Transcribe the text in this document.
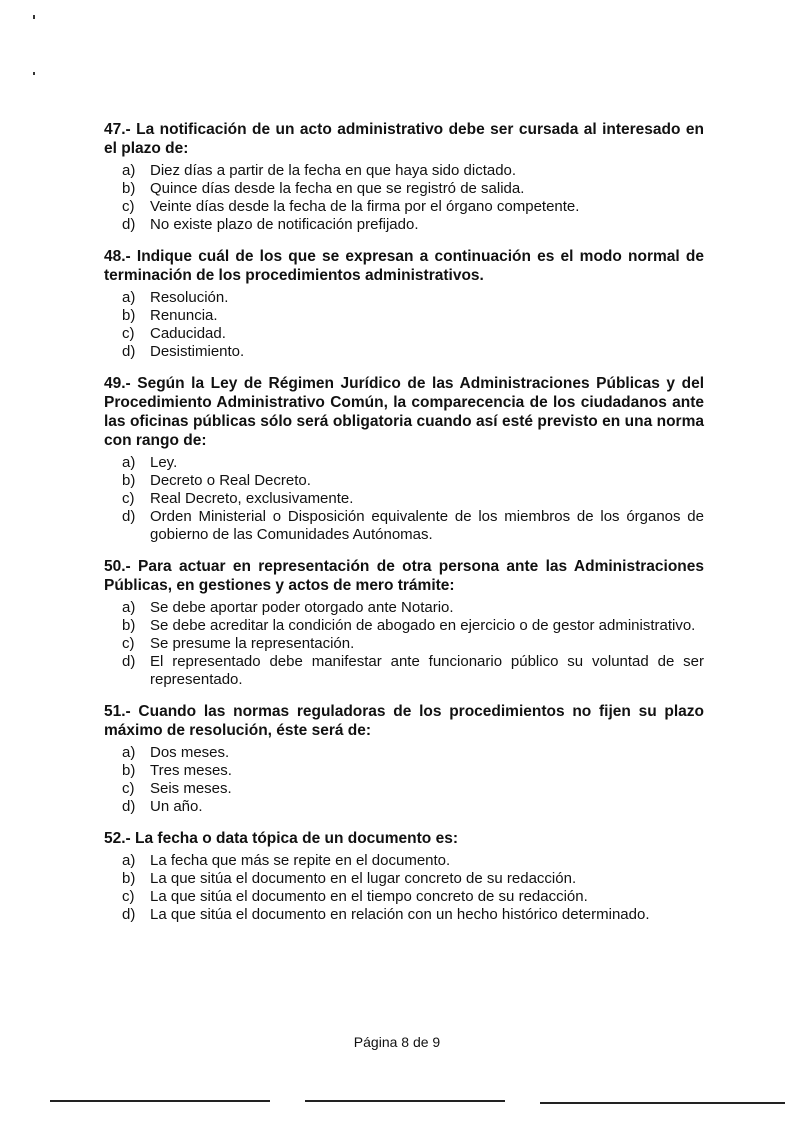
47.- La notificación de un acto administrativo debe ser cursada al interesado en el plazo de:

a) Diez días a partir de la fecha en que haya sido dictado.
b) Quince días desde la fecha en que se registró de salida.
c)	Veinte días desde la fecha de la firma por el órgano competente.
d) No existe plazo de notificación prefijado.

48.- Indique cuál de los que se expresan a continuación es el modo normal de terminación de los procedimientos administrativos.

a) Resolución.
b) Renuncia.
c)	Caducidad.
d) Desistimiento.

49.- Según la Ley de Régimen Jurídico de las Administraciones Públicas y del Procedimiento Administrativo Común, la comparecencia de los ciudadanos ante las oficinas públicas sólo será obligatoria cuando así esté previsto en una norma con rango de:

a) Ley.
b) Decreto o Real Decreto.
c)	Real Decreto, exclusivamente.
d) Orden Ministerial o Disposición equivalente de los miembros de los órganos de gobierno de las Comunidades Autónomas.

50.- Para actuar en representación de otra persona ante las Administraciones Públicas, en gestiones y actos de mero trámite:

a) Se debe aportar poder otorgado ante Notario.
b) Se debe acreditar la condición de abogado en ejercicio o de gestor administrativo.
c)	Se presume la representación.
d) El representado debe manifestar ante funcionario público su voluntad de ser representado.

51.- Cuando las normas reguladoras de los procedimientos no fijen su plazo máximo de resolución, éste será de:

a) Dos meses.
b) Tres meses.
c)	Seis meses.
d) Un año.

52.- La fecha o data tópica de un documento es:

a) La fecha que más se repite en el documento.
b) La que sitúa el documento en el lugar concreto de su redacción.
c)	La que sitúa el documento en el tiempo concreto de su redacción.
d) La que sitúa el documento en relación con un hecho histórico determinado.
Página 8 de 9
